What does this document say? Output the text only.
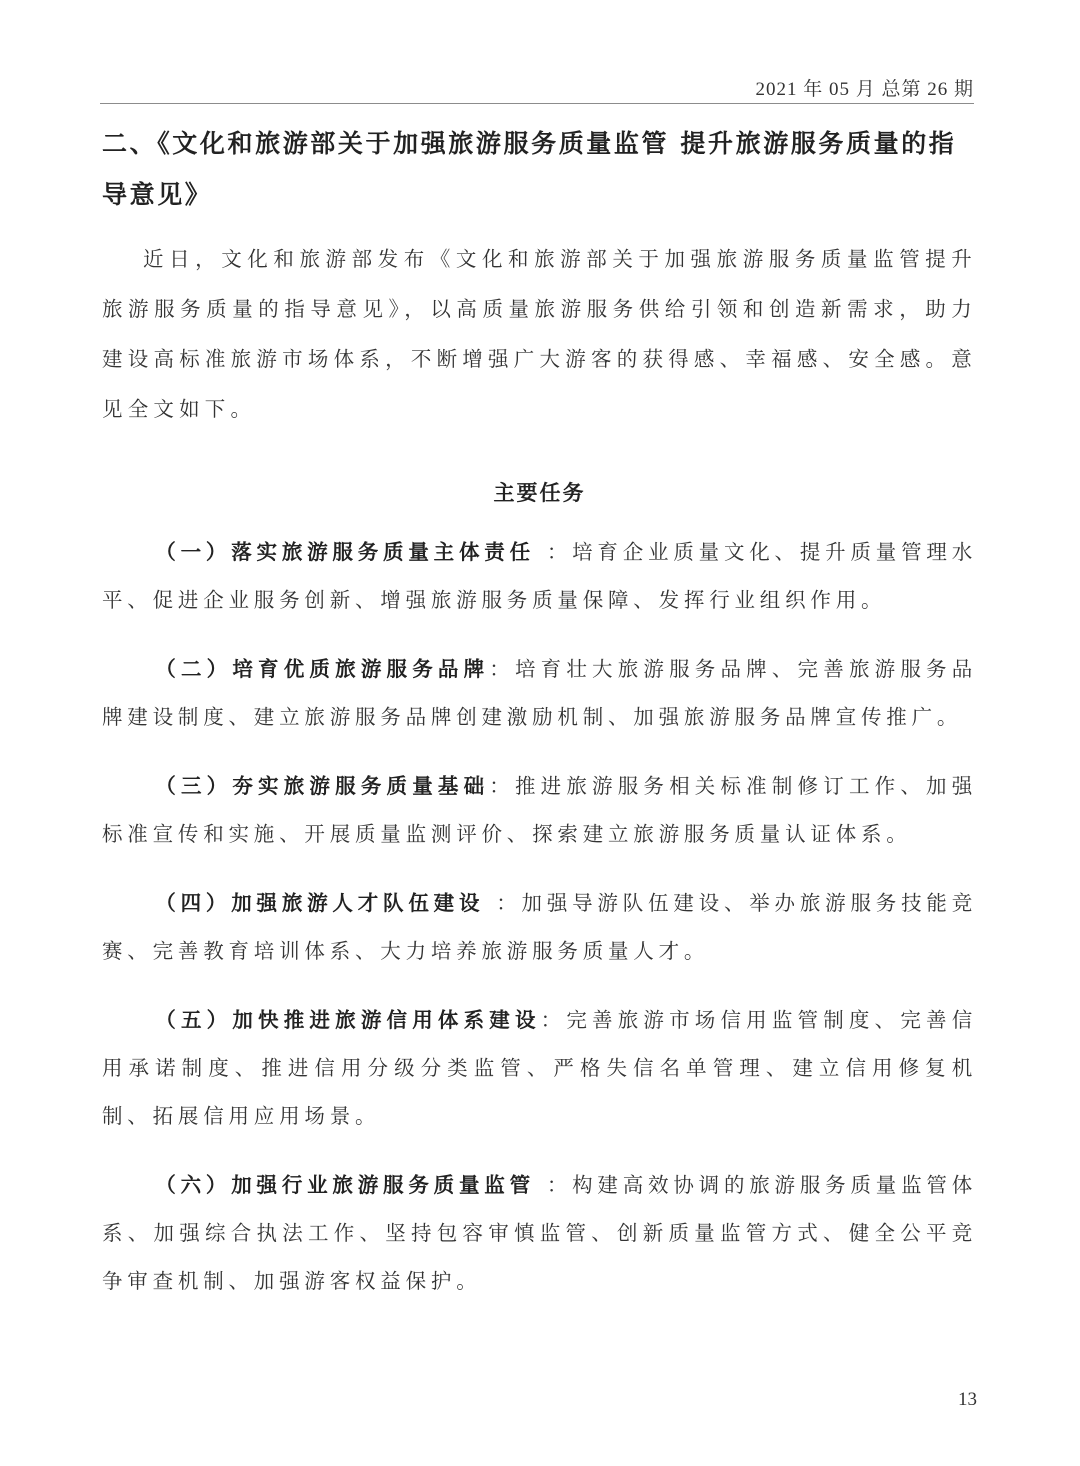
2021 年 05 月 总第 26 期

二、《文化和旅游部关于加强旅游服务质量监管 提升旅游服务质量的指导意见》

近日，文化和旅游部发布《文化和旅游部关于加强旅游服务质量监管提升旅游服务质量的指导意见》，以高质量旅游服务供给引领和创造新需求，助力建设高标准旅游市场体系，不断增强广大游客的获得感、幸福感、安全感。意见全文如下。

主要任务

（一）落实旅游服务质量主体责任 ：培育企业质量文化、提升质量管理水平、促进企业服务创新、增强旅游服务质量保障、发挥行业组织作用。

（二）培育优质旅游服务品牌：培育壮大旅游服务品牌、完善旅游服务品牌建设制度、建立旅游服务品牌创建激励机制、加强旅游服务品牌宣传推广。

（三）夯实旅游服务质量基础：推进旅游服务相关标准制修订工作、加强标准宣传和实施、开展质量监测评价、探索建立旅游服务质量认证体系。

（四）加强旅游人才队伍建设 ：加强导游队伍建设、举办旅游服务技能竞赛、完善教育培训体系、大力培养旅游服务质量人才。

（五）加快推进旅游信用体系建设：完善旅游市场信用监管制度、完善信用承诺制度、推进信用分级分类监管、严格失信名单管理、建立信用修复机制、拓展信用应用场景。

（六）加强行业旅游服务质量监管 ：构建高效协调的旅游服务质量监管体系、加强综合执法工作、坚持包容审慎监管、创新质量监管方式、健全公平竞争审查机制、加强游客权益保护。

13
